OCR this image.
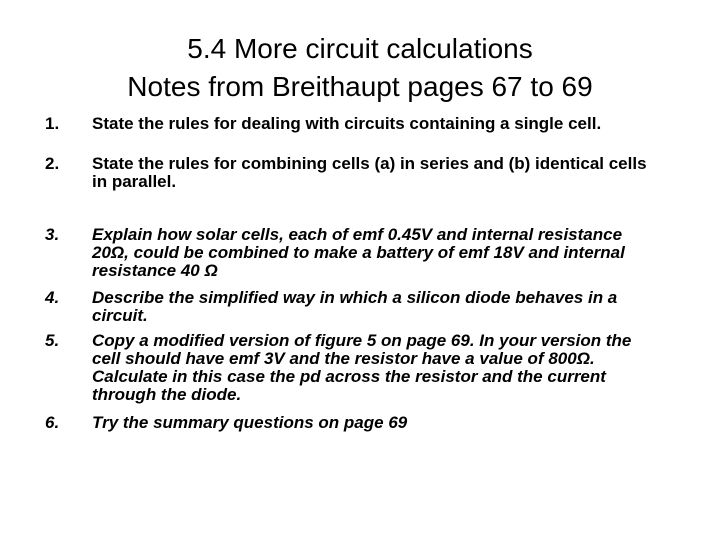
5.4 More circuit calculations
Notes from Breithaupt pages 67 to 69
1. State the rules for dealing with circuits containing a single cell.
2. State the rules for combining cells (a) in series and (b) identical cells in parallel.
3. Explain how solar cells, each of emf 0.45V and internal resistance 20Ω, could be combined to make a battery of emf 18V and internal resistance 40 Ω
4. Describe the simplified way in which a silicon diode behaves in a circuit.
5. Copy a modified version of figure 5 on page 69. In your version the cell should have emf 3V and the resistor have a value of 800Ω. Calculate in this case the pd across the resistor and the current through the diode.
6. Try the summary questions on page 69
